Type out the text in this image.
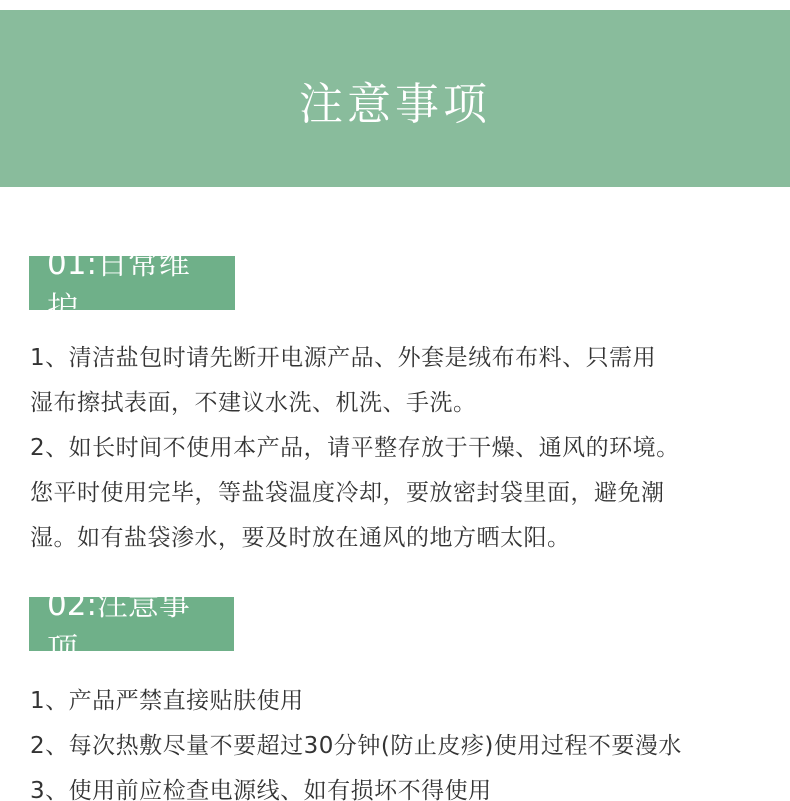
注意事项
01:日常维护
1、清洁盐包时请先断开电源产品、外套是绒布布料、只需用
湿布擦拭表面，不建议水洗、机洗、手洗。
2、如长时间不使用本产品，请平整存放于干燥、通风的环境。
您平时使用完毕，等盐袋温度冷却，要放密封袋里面，避免潮
湿。如有盐袋渗水，要及时放在通风的地方晒太阳。
02:注意事项
1、产品严禁直接贴肤使用
2、每次热敷尽量不要超过30分钟(防止皮疹)使用过程不要漫水
3、使用前应检查电源线、如有损坏不得使用
